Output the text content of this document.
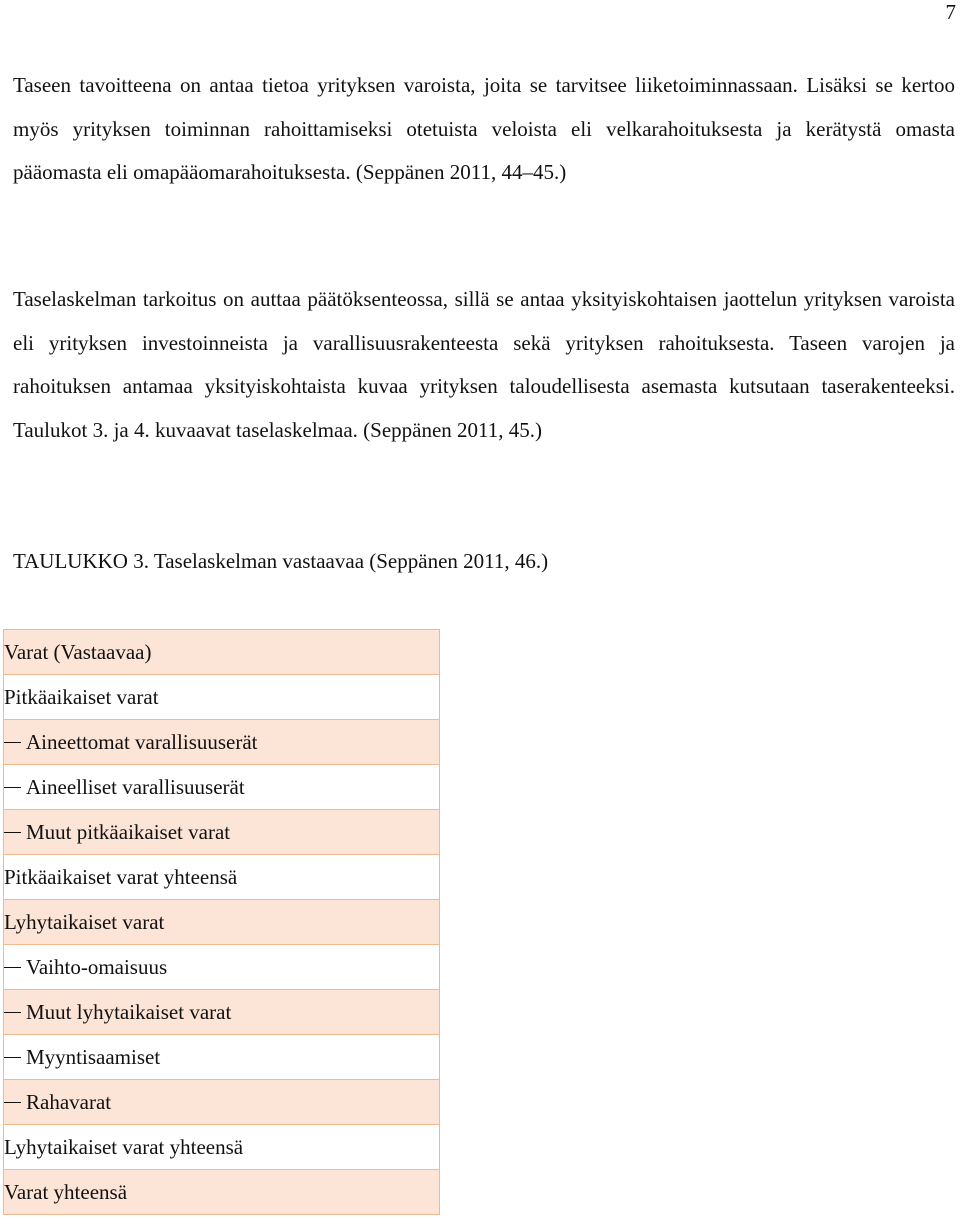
7

Taseen tavoitteena on antaa tietoa yrityksen varoista, joita se tarvitsee liiketoiminnassaan. Lisäksi se kertoo myös yrityksen toiminnan rahoittamiseksi otetuista veloista eli velkarahoituksesta ja kerätystä omasta pääomasta eli omapääomarahoituksesta. (Seppänen 2011, 44–45.)

Taselaskelman tarkoitus on auttaa päätöksenteossa, sillä se antaa yksityiskohtaisen jaottelun yrityksen varoista eli yrityksen investoinneista ja varallisuusrakenteesta sekä yrityksen rahoituksesta. Taseen varojen ja rahoituksen antamaa yksityiskohtaista kuvaa yrityksen taloudellisesta asemasta kutsutaan taserakenteeksi. Taulukot 3. ja 4. kuvaavat taselaskelmaa. (Seppänen 2011, 45.)

TAULUKKO 3. Taselaskelman vastaavaa (Seppänen 2011, 46.)

Varat (Vastaavaa)
Pitkäaikaiset varat
Aineettomat varallisuuserät
Aineelliset varallisuuserät
Muut pitkäaikaiset varat
Pitkäaikaiset varat yhteensä
Lyhytaikaiset varat
Vaihto-omaisuus
Muut lyhytaikaiset varat
Myyntisaamiset
Rahavarat
Lyhytaikaiset varat yhteensä
Varat yhteensä
